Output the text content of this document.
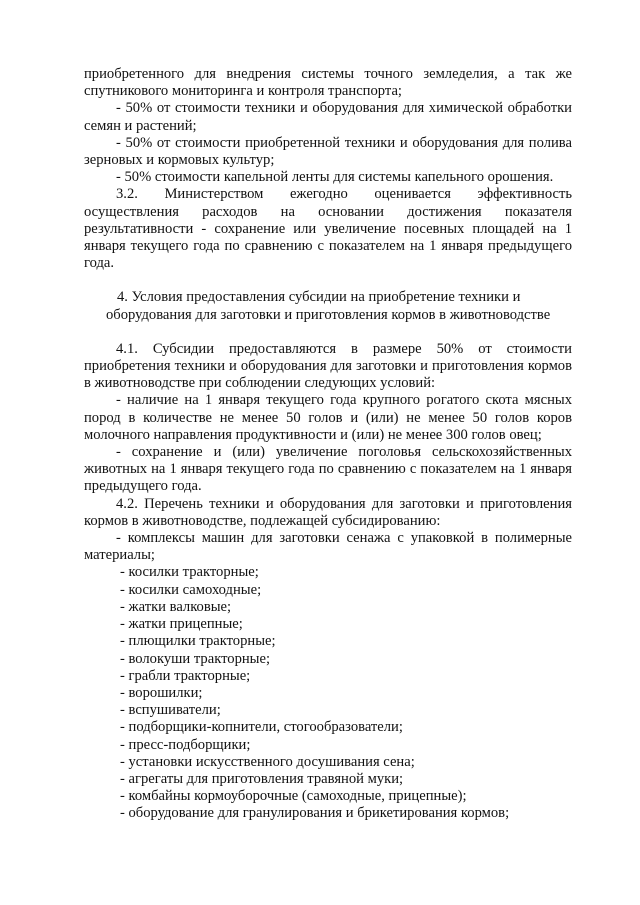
приобретенного для внедрения системы точного земледелия, а так же спутникового мониторинга и контроля транспорта;

- 50% от стоимости техники и оборудования для химической обработки семян и растений;

- 50% от стоимости приобретенной техники и оборудования для полива зерновых и кормовых культур;

- 50% стоимости капельной ленты для системы капельного орошения.

3.2. Министерством ежегодно оценивается эффективность осуществления расходов на основании достижения показателя результативности - сохранение или увеличение посевных площадей на 1 января текущего года по сравнению с показателем на 1 января предыдущего года.

4. Условия предоставления субсидии на приобретение техники и
оборудования для заготовки и приготовления кормов в животноводстве

4.1. Субсидии предоставляются в размере 50% от стоимости приобретения техники и оборудования для заготовки и приготовления кормов в животноводстве при соблюдении следующих условий:

- наличие на 1 января текущего года крупного рогатого скота мясных пород в количестве не менее 50 голов и (или) не менее 50 голов коров молочного направления продуктивности и (или) не менее 300 голов овец;

- сохранение и (или) увеличение поголовья сельскохозяйственных животных на 1 января текущего года по сравнению с показателем на 1 января предыдущего года.

4.2. Перечень техники и оборудования для заготовки и приготовления кормов в животноводстве, подлежащей субсидированию:

- комплексы машин для заготовки сенажа с упаковкой в полимерные материалы;

- косилки тракторные;

- косилки самоходные;

- жатки валковые;

- жатки прицепные;

- плющилки тракторные;

- волокуши тракторные;

- грабли тракторные;

- ворошилки;

- вспушиватели;

- подборщики-копнители, стогообразователи;

- пресс-подборщики;

- установки искусственного досушивания сена;

- агрегаты для приготовления травяной муки;

- комбайны кормоуборочные (самоходные, прицепные);

- оборудование для гранулирования и брикетирования кормов;
